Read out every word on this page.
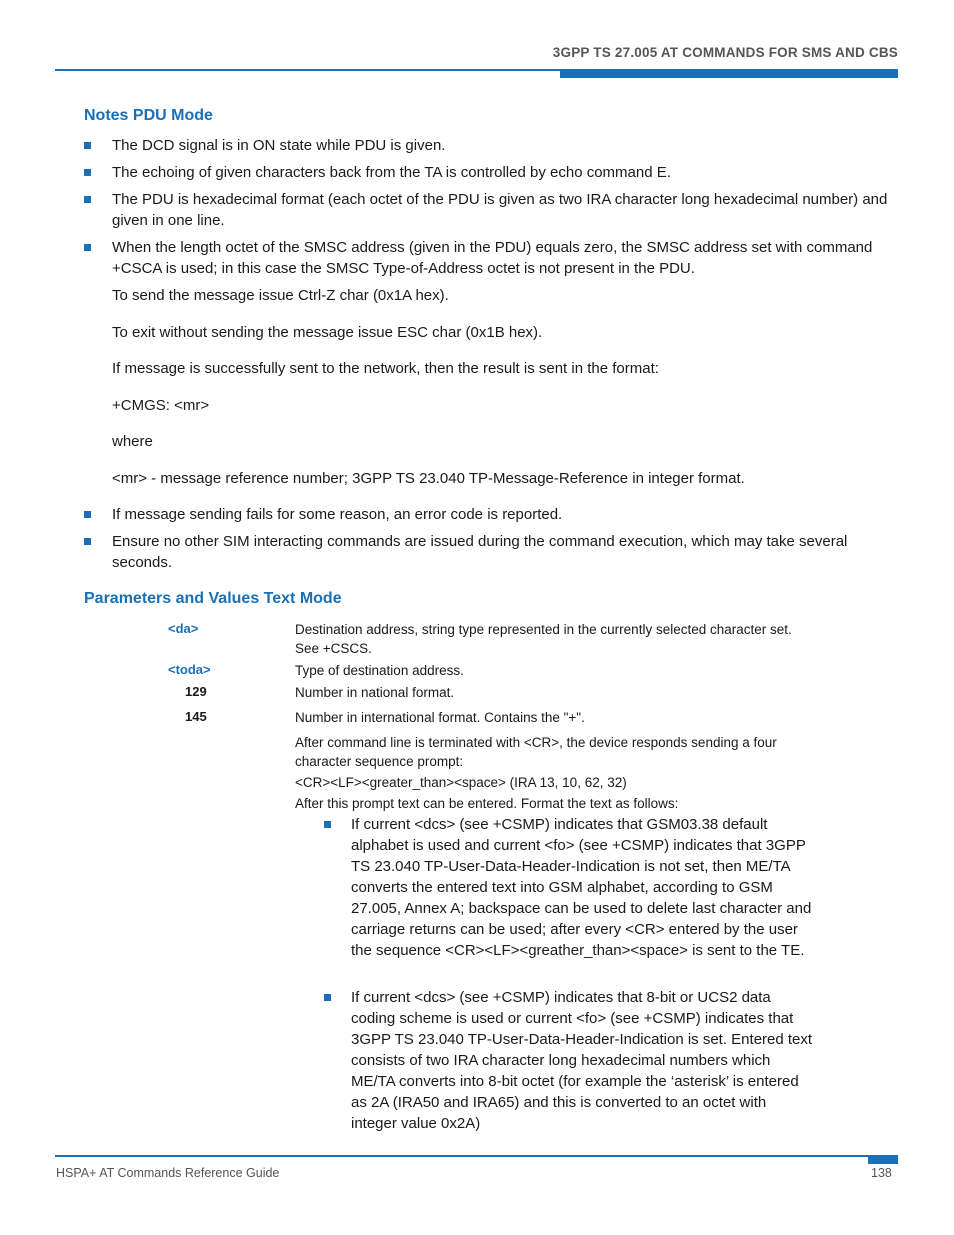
3GPP TS 27.005 AT COMMANDS FOR SMS AND CBS
Notes PDU Mode
The DCD signal is in ON state while PDU is given.
The echoing of given characters back from the TA is controlled by echo command E.
The PDU is hexadecimal format (each octet of the PDU is given as two IRA character long hexadecimal number) and given in one line.
When the length octet of the SMSC address (given in the PDU) equals zero, the SMSC address set with command +CSCA is used; in this case the SMSC Type-of-Address octet is not present in the PDU.
To send the message issue Ctrl-Z char (0x1A hex).
To exit without sending the message issue ESC char (0x1B hex).
If message is successfully sent to the network, then the result is sent in the format:
+CMGS: <mr>
where
<mr> - message reference number; 3GPP TS 23.040 TP-Message-Reference in integer format.
If message sending fails for some reason, an error code is reported.
Ensure no other SIM interacting commands are issued during the command execution, which may take several seconds.
Parameters and Values Text Mode
<da>	Destination address, string type represented in the currently selected character set. See +CSCS.
<toda>	Type of destination address.
129	Number in national format.
145	Number in international format. Contains the "+".
After command line is terminated with <CR>, the device responds sending a four character sequence prompt:
<CR><LF><greater_than><space> (IRA 13, 10, 62, 32)
After this prompt text can be entered. Format the text as follows:
If current <dcs> (see +CSMP) indicates that GSM03.38 default alphabet is used and current <fo> (see +CSMP) indicates that 3GPP TS 23.040 TP-User-Data-Header-Indication is not set, then ME/TA converts the entered text into GSM alphabet, according to GSM 27.005, Annex A; backspace can be used to delete last character and carriage returns can be used; after every <CR> entered by the user the sequence <CR><LF><greather_than><space> is sent to the TE.
If current <dcs> (see +CSMP) indicates that 8-bit or UCS2 data coding scheme is used or current <fo> (see +CSMP) indicates that 3GPP TS 23.040 TP-User-Data-Header-Indication is set. Entered text consists of two IRA character long hexadecimal numbers which ME/TA converts into 8-bit octet (for example the ‘asterisk’ is entered as 2A (IRA50 and IRA65) and this is converted to an octet with integer value 0x2A)
HSPA+ AT Commands Reference Guide	138
